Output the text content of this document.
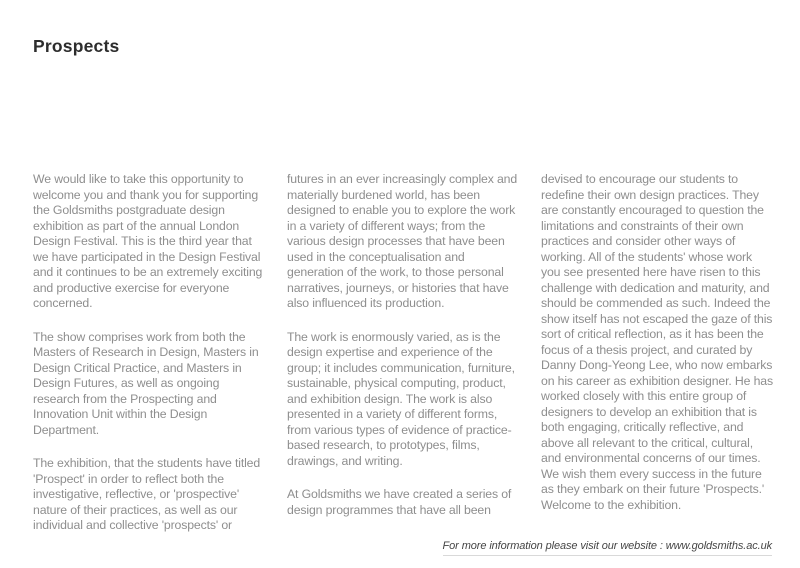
Prospects

We would like to take this opportunity to welcome you and thank you for supporting the Goldsmiths postgraduate design exhibition as part of the annual London Design Festival. This is the third year that we have participated in the Design Festival and it continues to be an extremely exciting and productive exercise for everyone concerned.

The show comprises work from both the Masters of Research in Design, Masters in Design Critical Practice, and Masters in Design Futures, as well as ongoing research from the Prospecting and Innovation Unit within the Design Department.

The exhibition, that the students have titled 'Prospect' in order to reflect both the investigative, reflective, or 'prospective' nature of their practices, as well as our individual and collective 'prospects' or

futures in an ever increasingly complex and materially burdened world, has been designed to enable you to explore the work in a variety of different ways; from the various design processes that have been used in the conceptualisation and generation of the work, to those personal narratives, journeys, or histories that have also influenced its production.

The work is enormously varied, as is the design expertise and experience of the group; it includes communication, furniture, sustainable, physical computing, product, and exhibition design. The work is also presented in a variety of different forms, from various types of evidence of practice-based research, to prototypes, films, drawings, and writing.

At Goldsmiths we have created a series of design programmes that have all been

devised to encourage our students to redefine their own design practices. They are constantly encouraged to question the limitations and constraints of their own practices and consider other ways of working. All of the students' whose work you see presented here have risen to this challenge with dedication and maturity, and should be commended as such. Indeed the show itself has not escaped the gaze of this sort of critical reflection, as it has been the focus of a thesis project, and curated by Danny Dong-Yeong Lee, who now embarks on his career as exhibition designer. He has worked closely with this entire group of designers to develop an exhibition that is both engaging, critically reflective, and above all relevant to the critical, cultural, and environmental concerns of our times. We wish them every success in the future as they embark on their future 'Prospects.' Welcome to the exhibition.

For more information please visit our website : www.goldsmiths.ac.uk
